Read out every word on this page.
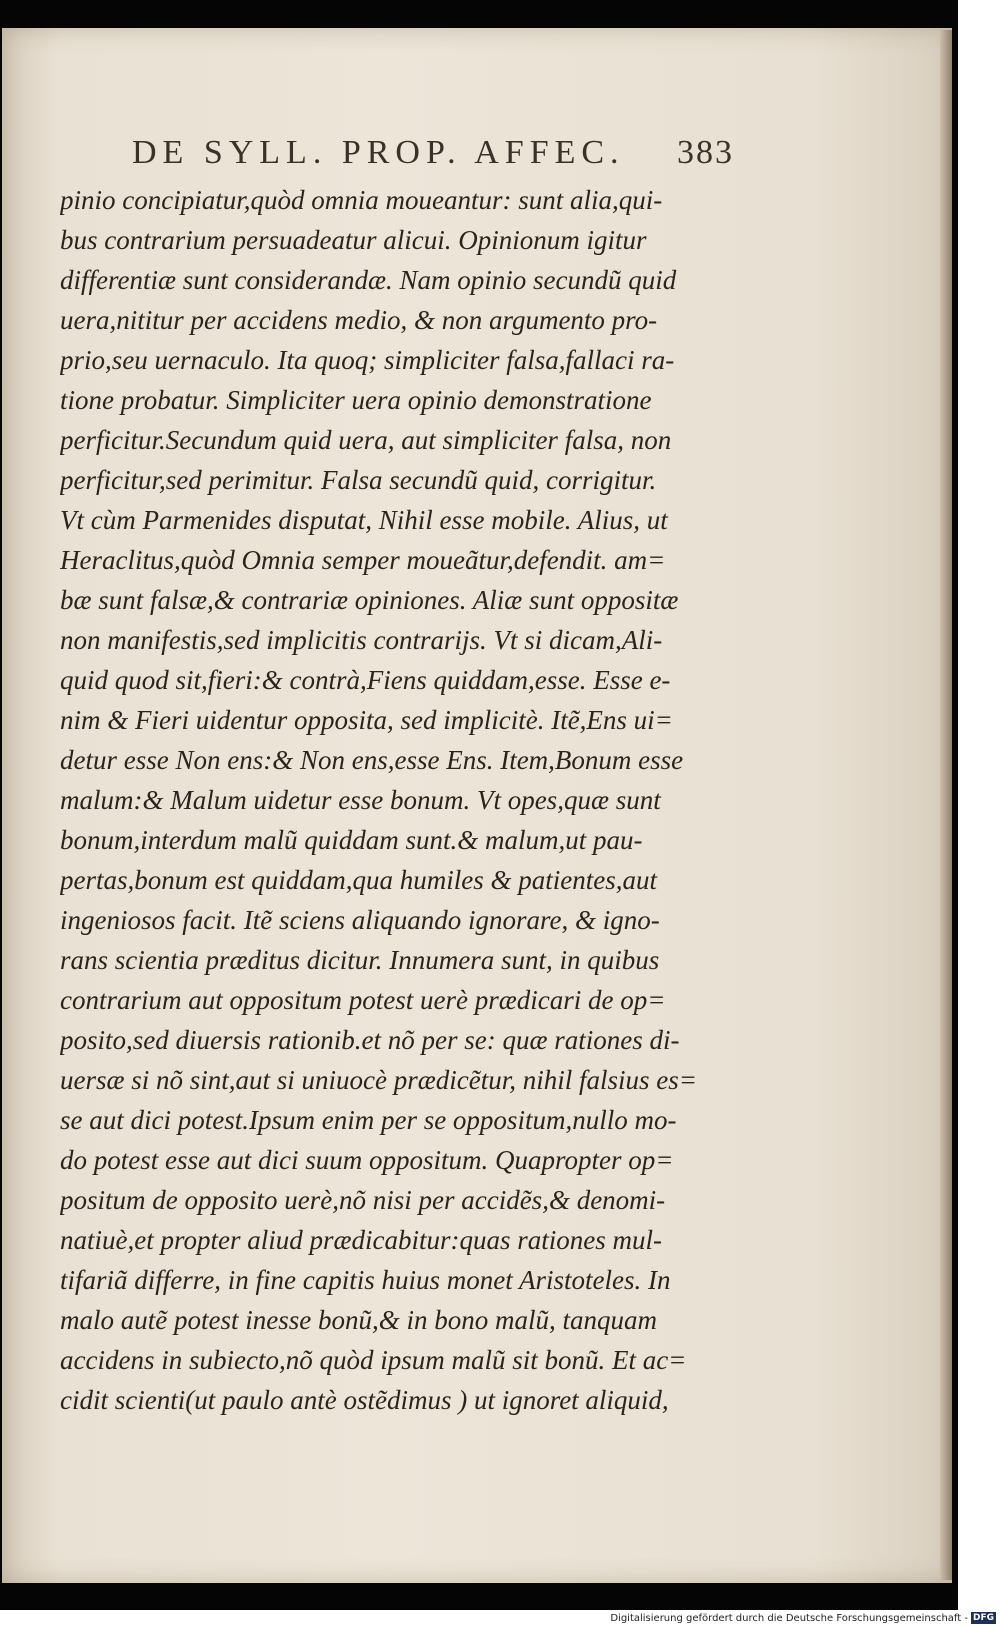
DE SYLL. PROP. AFFEC. 383
pinio concipiatur,quòd omnia moueantur: sunt alia,qui-
bus contrarium persuadeatur alicui. Opinionum igitur
differentiæ sunt considerandæ. Nam opinio secundũ quid
uera,nititur per accidens medio, & non argumento pro-
prio,seu uernaculo. Ita quoq; simpliciter falsa,fallaci ra-
tione probatur. Simpliciter uera opinio demonstratione
perficitur.Secundum quid uera, aut simpliciter falsa, non
perficitur,sed perimitur. Falsa secundũ quid, corrigitur.
Vt cùm Parmenides disputat, Nihil esse mobile. Alius, ut
Heraclitus,quòd Omnia semper moueãtur,defendit. am=
bæ sunt falsæ,& contrariæ opiniones. Aliæ sunt oppositæ
non manifestis,sed implicitis contrarijs. Vt si dicam,Ali-
quid quod sit,fieri:& contrà,Fiens quiddam,esse. Esse e-
nim & Fieri uidentur opposita, sed implicitè. Itẽ,Ens ui=
detur esse Non ens:& Non ens,esse Ens. Item,Bonum esse
malum:& Malum uidetur esse bonum. Vt opes,quæ sunt
bonum,interdum malũ quiddam sunt.& malum,ut pau-
pertas,bonum est quiddam,qua humiles & patientes,aut
ingeniosos facit. Itẽ sciens aliquando ignorare, & igno-
rans scientia præditus dicitur. Innumera sunt, in quibus
contrarium aut oppositum potest uerè prædicari de op=
posito,sed diuersis rationib.et nõ per se: quæ rationes di-
uersæ si nõ sint,aut si uniuocè prædicẽtur, nihil falsius es=
se aut dici potest.Ipsum enim per se oppositum,nullo mo-
do potest esse aut dici suum oppositum. Quapropter op=
positum de opposito uerè,nõ nisi per accidẽs,& denomi-
natiuè,et propter aliud prædicabitur:quas rationes mul-
tifariã differre, in fine capitis huius monet Aristoteles. In
malo autẽ potest inesse bonũ,& in bono malũ, tanquam
accidens in subiecto,nõ quòd ipsum malũ sit bonũ. Et ac=
cidit scienti(ut paulo antè ostẽdimus ) ut ignoret aliquid,
Digitalisierung gefördert durch die Deutsche Forschungsgemeinschaft - DFG
